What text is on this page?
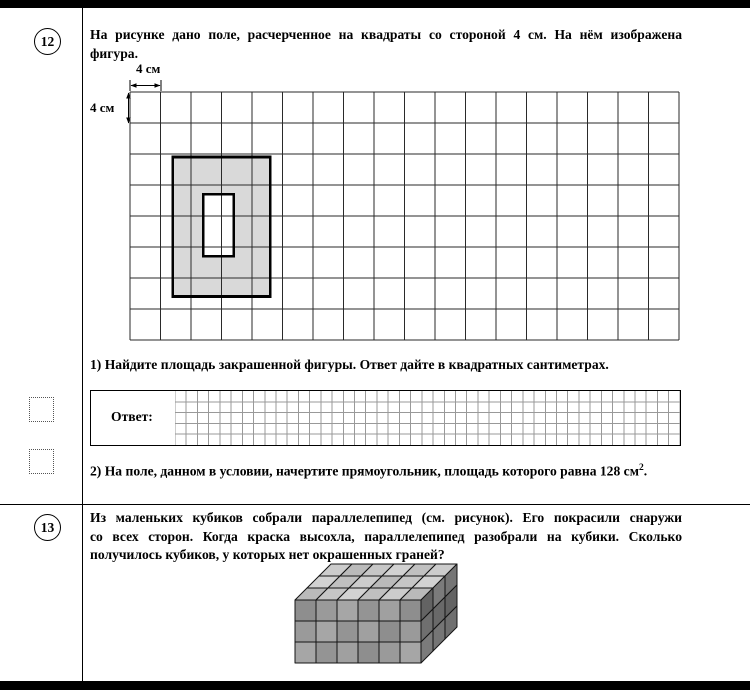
12	На рисунке дано поле, расчерченное на квадраты со стороной 4 см. На нём изображена
фигура.
4 см
4 см
1) Найдите площадь закрашенной фигуры. Ответ дайте в квадратных сантиметрах.
Ответ:
2) На поле, данном в условии, начертите прямоугольник, площадь которого равна 128 $см^2$.
13
Из маленьких кубиков собрали параллелепипед (см. рисунок). Его покрасили снаружи
со всех сторон. Когда краска высохла, параллелепипед разобрали на кубики. Сколько
получилось кубиков, у которых нет окрашенных граней?
